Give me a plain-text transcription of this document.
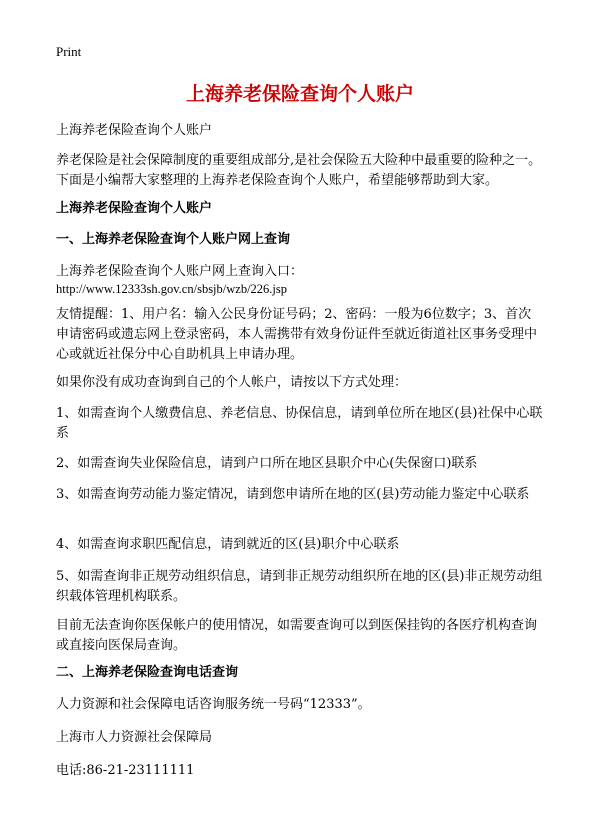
Print
上海养老保险查询个人账户

上海养老保险查询个人账户

养老保险是社会保障制度的重要组成部分,是社会保险五大险种中最重要的险种之一。下面是小编帮大家整理的上海养老保险查询个人账户，希望能够帮助到大家。

上海养老保险查询个人账户

一、上海养老保险查询个人账户网上查询

上海养老保险查询个人账户网上查询入口：

http://www.12333sh.gov.cn/sbsjb/wzb/226.jsp

友情提醒：1、用户名：输入公民身份证号码；2、密码：一般为6位数字；3、首次申请密码或遗忘网上登录密码，本人需携带有效身份证件至就近街道社区事务受理中心或就近社保分中心自助机具上申请办理。

如果你没有成功查询到自己的个人帐户，请按以下方式处理：

1、如需查询个人缴费信息、养老信息、协保信息，请到单位所在地区(县)社保中心联系

2、如需查询失业保险信息，请到户口所在地区县职介中心(失保窗口)联系

3、如需查询劳动能力鉴定情况，请到您申请所在地的区(县)劳动能力鉴定中心联系

4、如需查询求职匹配信息，请到就近的区(县)职介中心联系

5、如需查询非正规劳动组织信息，请到非正规劳动组织所在地的区(县)非正规劳动组织载体管理机构联系。

目前无法查询你医保帐户的使用情况，如需要查询可以到医保挂钩的各医疗机构查询或直接向医保局查询。

二、上海养老保险查询电话查询

人力资源和社会保障电话咨询服务统一号码“12333”。

上海市人力资源社会保障局

电话:86-21-23111111
